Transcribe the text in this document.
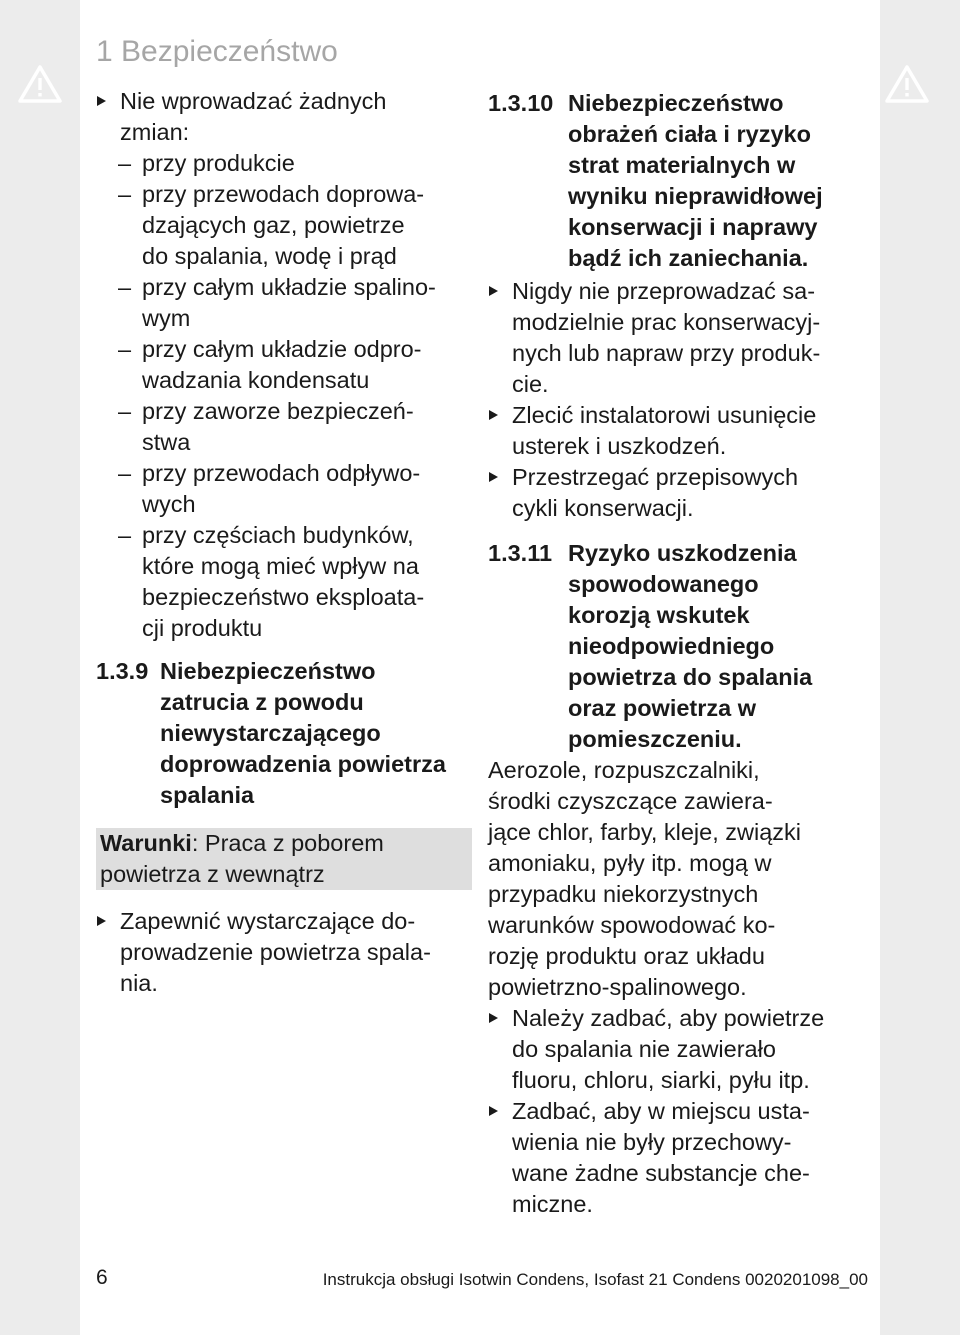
1 Bezpieczeństwo
Nie wprowadzać żadnych
zmian:
– przy produkcie
– przy przewodach doprowa-
dzających gaz, powietrze
do spalania, wodę i prąd
– przy całym układzie spalino-
wym
– przy całym układzie odpro-
wadzania kondensatu
– przy zaworze bezpieczeń-
stwa
– przy przewodach odpływo-
wych
– przy częściach budynków,
które mogą mieć wpływ na
bezpieczeństwo eksploata-
cji produktu
1.3.9 Niebezpieczeństwo
zatrucia z powodu
niewystarczającego
doprowadzenia powietrza
spalania
Warunki: Praca z poborem
powietrza z wewnątrz
Zapewnić wystarczające do-
prowadzenie powietrza spala-
nia.
1.3.10 Niebezpieczeństwo
obrażeń ciała i ryzyko
strat materialnych w
wyniku nieprawidłowej
konserwacji i naprawy
bądź ich zaniechania.
Nigdy nie przeprowadzać sa-
modzielnie prac konserwacyj-
nych lub napraw przy produk-
cie.
Zlecić instalatorowi usunięcie
usterek i uszkodzeń.
Przestrzegać przepisowych
cykli konserwacji.
1.3.11 Ryzyko uszkodzenia
spowodowanego
korozją wskutek
nieodpowiedniego
powietrza do spalania
oraz powietrza w
pomieszczeniu.
Aerozole, rozpuszczalniki,
środki czyszczące zawiera-
jące chlor, farby, kleje, związki
amoniaku, pyły itp. mogą w
przypadku niekorzystnych
warunków spowodować ko-
rozję produktu oraz układu
powietrzno-spalinowego.
Należy zadbać, aby powietrze
do spalania nie zawierało
fluoru, chloru, siarki, pyłu itp.
Zadbać, aby w miejscu usta-
wienia nie były przechowy-
wane żadne substancje che-
miczne.
6	Instrukcja obsługi Isotwin Condens, Isofast 21 Condens 0020201098_00
